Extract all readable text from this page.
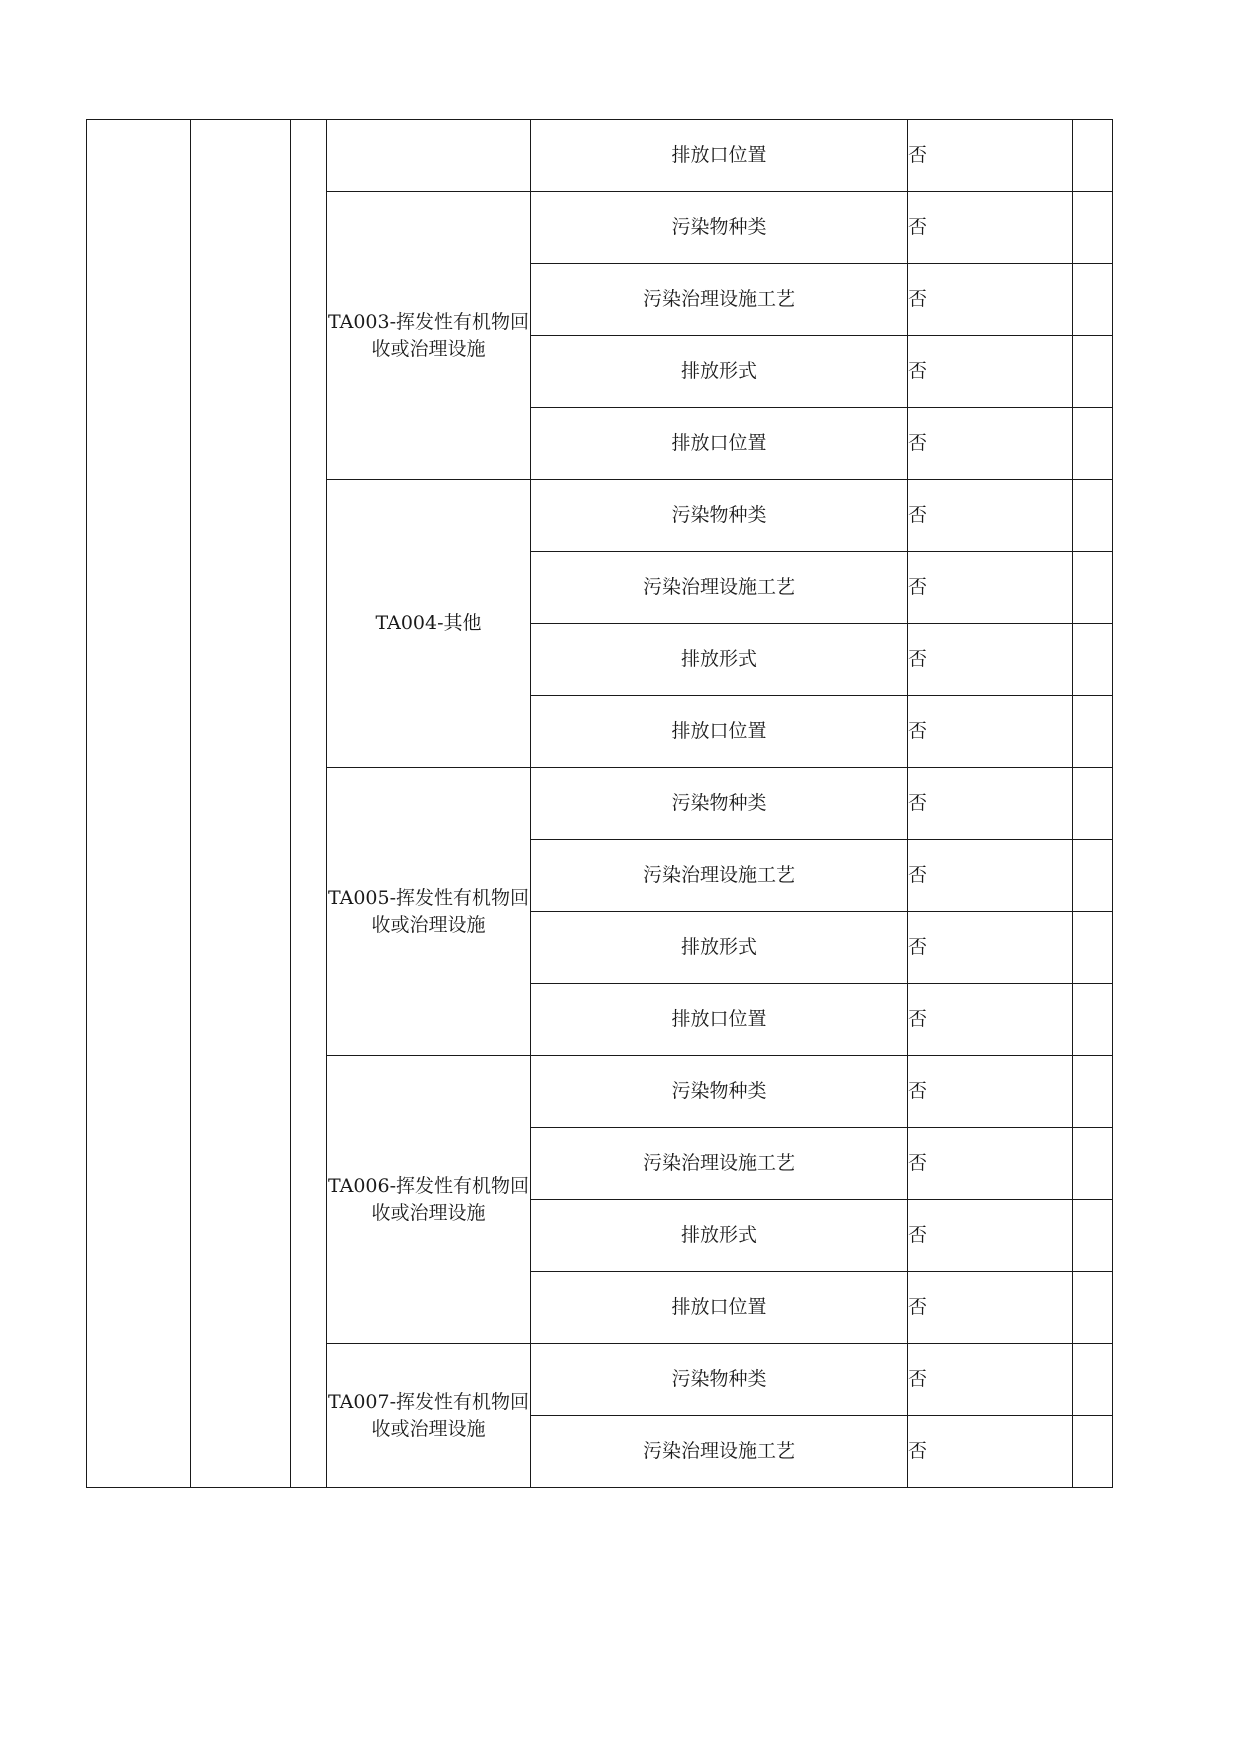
				排放口位置	否	
			TA003-挥发性有机物回收或治理设施	污染物种类	否	
				污染治理设施工艺	否	
				排放形式	否	
				排放口位置	否	
			TA004-其他	污染物种类	否	
				污染治理设施工艺	否	
				排放形式	否	
				排放口位置	否	
			TA005-挥发性有机物回收或治理设施	污染物种类	否	
				污染治理设施工艺	否	
				排放形式	否	
				排放口位置	否	
			TA006-挥发性有机物回收或治理设施	污染物种类	否	
				污染治理设施工艺	否	
				排放形式	否	
				排放口位置	否	
			TA007-挥发性有机物回收或治理设施	污染物种类	否	
				污染治理设施工艺	否	
